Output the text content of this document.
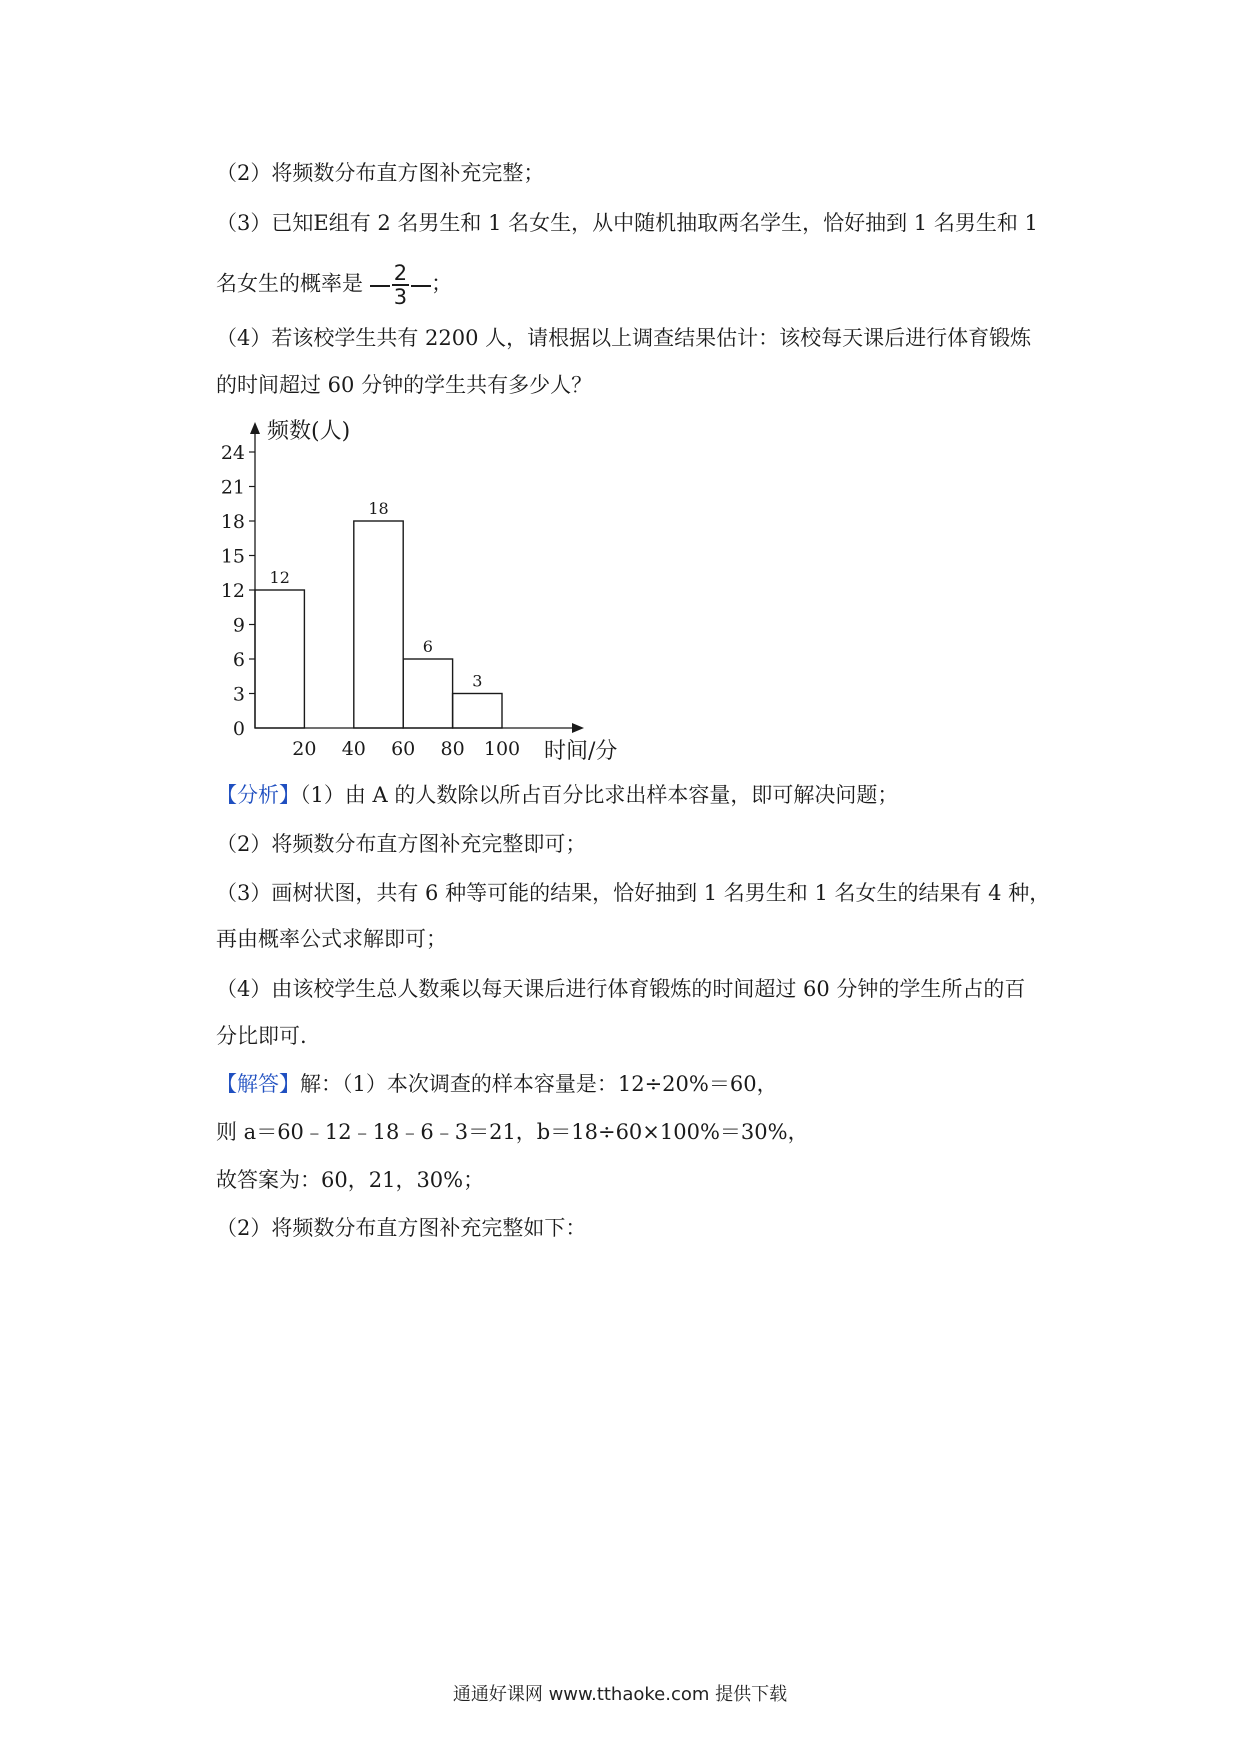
（2）将频数分布直方图补充完整；
（3）已知E组有 2 名男生和 1 名女生，从中随机抽取两名学生，恰好抽到 1 名男生和 1
名女生的概率是 $\frac{2}{3}$ ；
（4）若该校学生共有 2200 人，请根据以上调查结果估计：该校每天课后进行体育锻炼
的时间超过 60 分钟的学生共有多少人？
0
3
6
9
12
15
18
21
24
20 40 60 80 100
频数(人)
时间/分
12
18
6
3
【分析】（1）由 A 的人数除以所占百分比求出样本容量，即可解决问题；
（2）将频数分布直方图补充完整即可；
（3）画树状图，共有 6 种等可能的结果，恰好抽到 1 名男生和 1 名女生的结果有 4 种，
再由概率公式求解即可；
（4）由该校学生总人数乘以每天课后进行体育锻炼的时间超过 60 分钟的学生所占的百
分比即可.
【解答】解：（1）本次调查的样本容量是：12÷20%＝60，
则 a＝60﹣12﹣18﹣6﹣3＝21，b＝18÷60×100%＝30%，
故答案为：60，21，30%；
（2）将频数分布直方图补充完整如下：
通通好课网 www.tthaoke.com 提供下载
